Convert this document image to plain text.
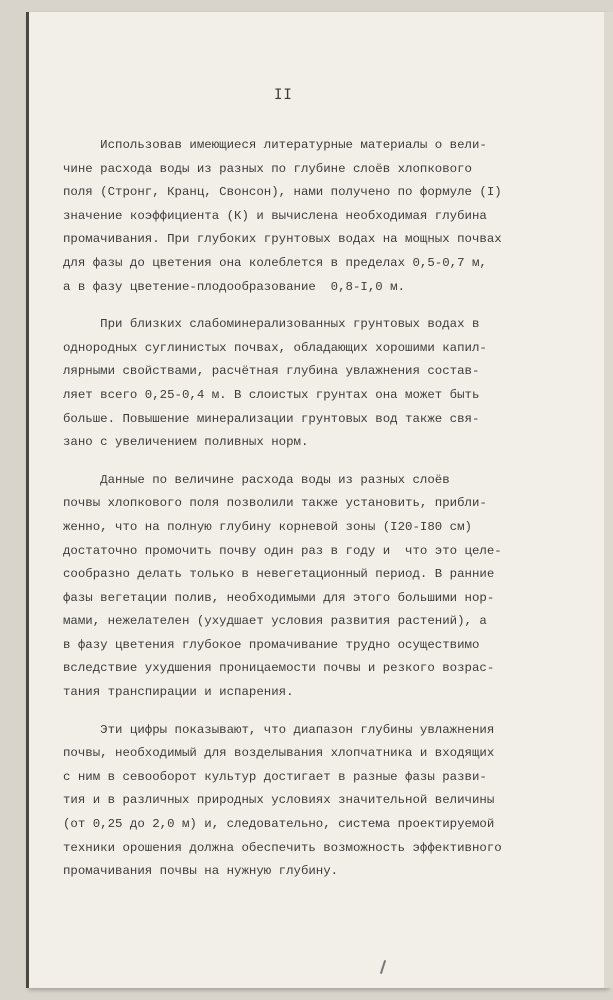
II
Использовав имеющиеся литературные материалы о вели-
чине расхода воды из разных по глубине слоёв хлопкового
поля (Стронг, Кранц, Свонсон), нами получено по формуле (I)
значение коэффициента (К) и вычислена необходимая глубина
промачивания. При глубоких грунтовых водах на мощных почвах
для фазы до цветения она колеблется в пределах 0,5-0,7 м,
а в фазу цветение-плодообразование  0,8-I,0 м.
При близких слабоминерализованных грунтовых водах в
однородных суглинистых почвах, обладающих хорошими капил-
лярными свойствами, расчётная глубина увлажнения состав-
ляет всего 0,25-0,4 м. В слоистых грунтах она может быть
больше. Повышение минерализации грунтовых вод также свя-
зано с увеличением поливных норм.
Данные по величине расхода воды из разных слоёв
почвы хлопкового поля позволили также установить, прибли-
женно, что на полную глубину корневой зоны (I20-I80 см)
достаточно промочить почву один раз в году и  что это целе-
сообразно делать только в невегетационный период. В ранние
фазы вегетации полив, необходимыми для этого большими нор-
мами, нежелателен (ухудшает условия развития растений), а
в фазу цветения глубокое промачивание трудно осуществимо
вследствие ухудшения проницаемости почвы и резкого возрас-
тания транспирации и испарения.
Эти цифры показывают, что диапазон глубины увлажнения
почвы, необходимый для возделывания хлопчатника и входящих
с ним в севооборот культур достигает в разные фазы разви-
тия и в различных природных условиях значительной величины
(от 0,25 до 2,0 м) и, следовательно, система проектируемой
техники орошения должна обеспечить возможность эффективного
промачивания почвы на нужную глубину.
